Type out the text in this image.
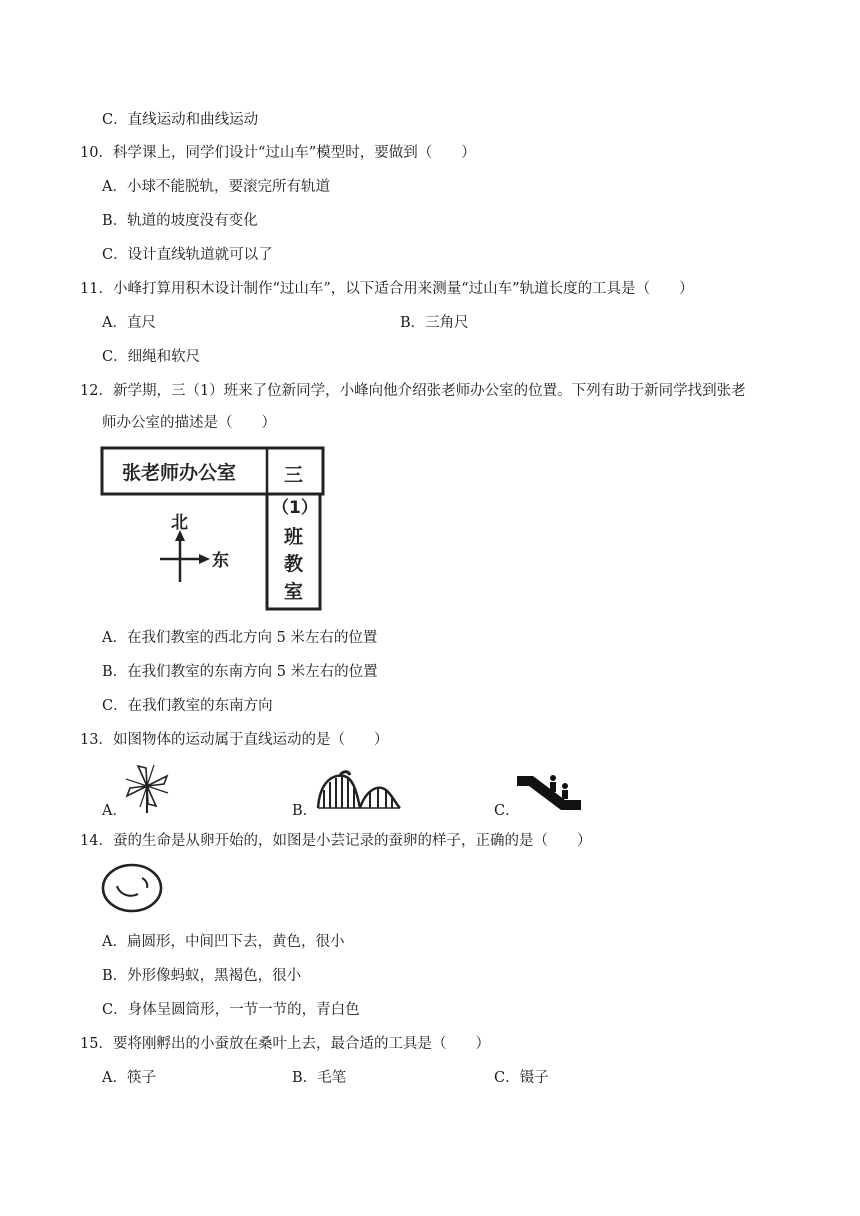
C．直线运动和曲线运动
10．科学课上，同学们设计“过山车”模型时，要做到（　　）
A．小球不能脱轨，要滚完所有轨道
B．轨道的坡度没有变化
C．设计直线轨道就可以了
11．小峰打算用积木设计制作“过山车”，以下适合用来测量“过山车”轨道长度的工具是（　　）
A．直尺	B．三角尺
C．细绳和软尺
12．新学期，三（1）班来了位新同学，小峰向他介绍张老师办公室的位置。下列有助于新同学找到张老
师办公室的描述是（　　）
张老师办公室	三
（1）
班
教
室
北
东
A．在我们教室的西北方向 5 米左右的位置
B．在我们教室的东南方向 5 米左右的位置
C．在我们教室的东南方向
13．如图物体的运动属于直线运动的是（　　）
A．	B．	C．
14．蚕的生命是从卵开始的，如图是小芸记录的蚕卵的样子，正确的是（　　）
A．扁圆形，中间凹下去，黄色，很小
B．外形像蚂蚁，黑褐色，很小
C．身体呈圆筒形，一节一节的，青白色
15．要将刚孵出的小蚕放在桑叶上去，最合适的工具是（　　）
A．筷子	B．毛笔	C．镊子
